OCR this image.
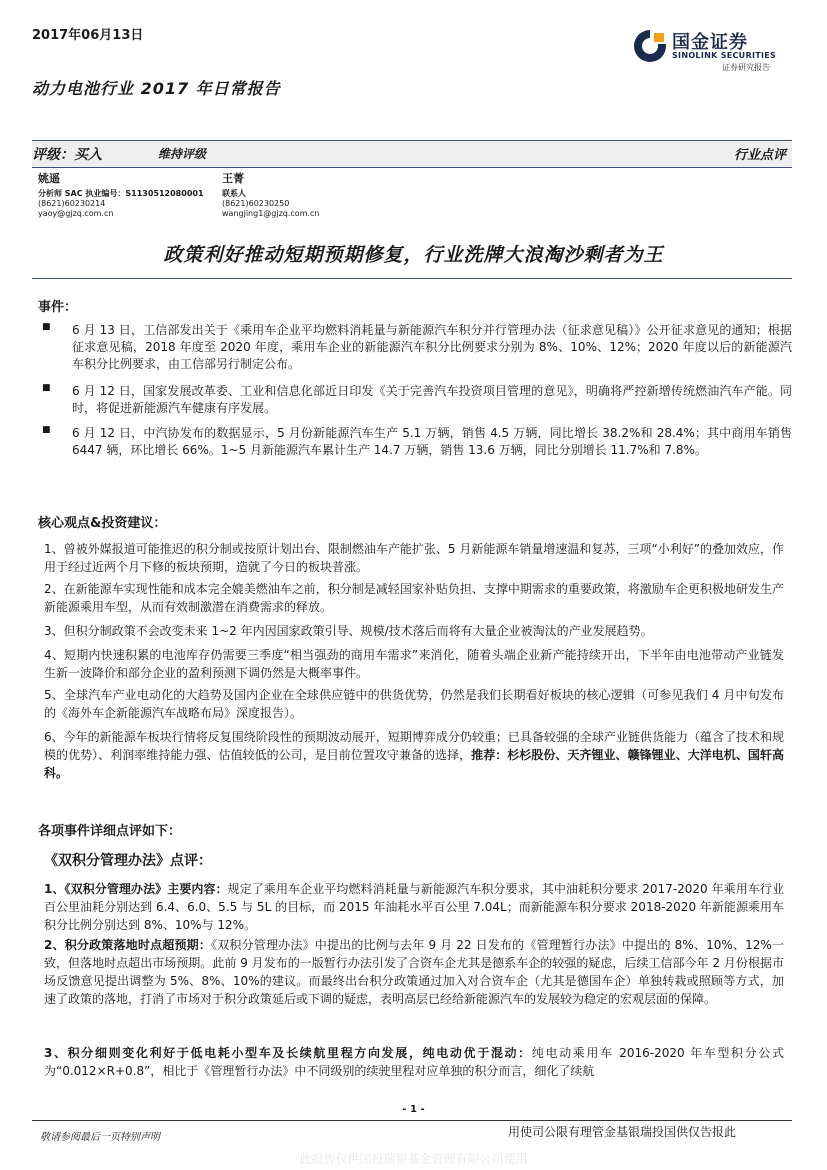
2017年06月13日
动力电池行业 2017 年日常报告
国金证券
SINOLINK SECURITIES
证券研究报告
评级：买入	维持评级	行业点评
姚遥
分析师 SAC 执业编号：S1130512080001
(8621)60230214
yaoy@gjzq.com.cn
王菁
联系人
(8621)60230250
wangjing1@gjzq.com.cn
政策利好推动短期预期修复，行业洗牌大浪淘沙剩者为王
事件：
■ 6 月 13 日，工信部发出关于《乘用车企业平均燃料消耗量与新能源汽车积分并行管理办法（征求意见稿）》公开征求意见的通知；根据征求意见稿，2018 年度至 2020 年度，乘用车企业的新能源汽车积分比例要求分别为 8%、10%、12%；2020 年度以后的新能源汽车积分比例要求，由工信部另行制定公布。
■ 6 月 12 日，国家发展改革委、工业和信息化部近日印发《关于完善汽车投资项目管理的意见》，明确将严控新增传统燃油汽车产能。同时，将促进新能源汽车健康有序发展。
■ 6 月 12 日，中汽协发布的数据显示，5 月份新能源汽车生产 5.1 万辆，销售 4.5 万辆，同比增长 38.2%和 28.4%；其中商用车销售 6447 辆，环比增长 66%。1~5 月新能源汽车累计生产 14.7 万辆，销售 13.6 万辆，同比分别增长 11.7%和 7.8%。
核心观点&投资建议：
1、曾被外媒报道可能推迟的积分制或按原计划出台、限制燃油车产能扩张、5 月新能源车销量增速温和复苏，三项“小利好”的叠加效应，作用于经过近两个月下修的板块预期，造就了今日的板块普涨。
2、在新能源车实现性能和成本完全媲美燃油车之前，积分制是减轻国家补贴负担、支撑中期需求的重要政策，将激励车企更积极地研发生产新能源乘用车型，从而有效制激潜在消费需求的释放。
3、但积分制政策不会改变未来 1~2 年内因国家政策引导、规模/技术落后而将有大量企业被淘汰的产业发展趋势。
4、短期内快速积累的电池库存仍需要三季度“相当强劲的商用车需求”来消化，随着头端企业新产能持续开出，下半年由电池带动产业链发生新一波降价和部分企业的盈利预测下调仍然是大概率事件。
5、全球汽车产业电动化的大趋势及国内企业在全球供应链中的供货优势，仍然是我们长期看好板块的核心逻辑（可参见我们 4 月中旬发布的《海外车企新能源汽车战略布局》深度报告）。
6、今年的新能源车板块行情将反复围绕阶段性的预期波动展开，短期博弈成分仍较重；已具备较强的全球产业链供货能力（蕴含了技术和规模的优势）、利润率维持能力强、估值较低的公司，是目前位置攻守兼备的选择，推荐：杉杉股份、天齐锂业、赣锋锂业、大洋电机、国轩高科。
各项事件详细点评如下：
《双积分管理办法》点评：
1、《双积分管理办法》主要内容：规定了乘用车企业平均燃料消耗量与新能源汽车积分要求，其中油耗积分要求 2017-2020 年乘用车行业百公里油耗分别达到 6.4、6.0、5.5 与 5L 的目标，而 2015 年油耗水平百公里 7.04L；而新能源车积分要求 2018-2020 年新能源乘用车积分比例分别达到 8%、10%与 12%。
2、积分政策落地时点超预期：《双积分管理办法》中提出的比例与去年 9 月 22 日发布的《管理暂行办法》中提出的 8%、10%、12%一致，但落地时点超出市场预期。此前 9 月发布的一版暂行办法引发了合资车企尤其是德系车企的较强的疑虑，后续工信部今年 2 月份根据市场反馈意见提出调整为 5%、8%、10%的建议。而最终出台积分政策通过加入对合资车企（尤其是德国车企）单独转栽或照顾等方式，加速了政策的落地，打消了市场对于积分政策延后或下调的疑虑，表明高层已经给新能源汽车的发展较为稳定的宏观层面的保障。
3、积分细则变化利好于低电耗小型车及长续航里程方向发展，纯电动优于混动：纯电动乘用车 2016-2020 年车型积分公式为“0.012×R+0.8”，相比于《管理暂行办法》中不同级别的续驶里程对应单独的积分而言，细化了续航
- 1 -
敬请参阅最后一页特别声明	用使司公限有理管金基银瑞投国供仅告报此
此报告仅供国投瑞银基金管理有限公司使用
